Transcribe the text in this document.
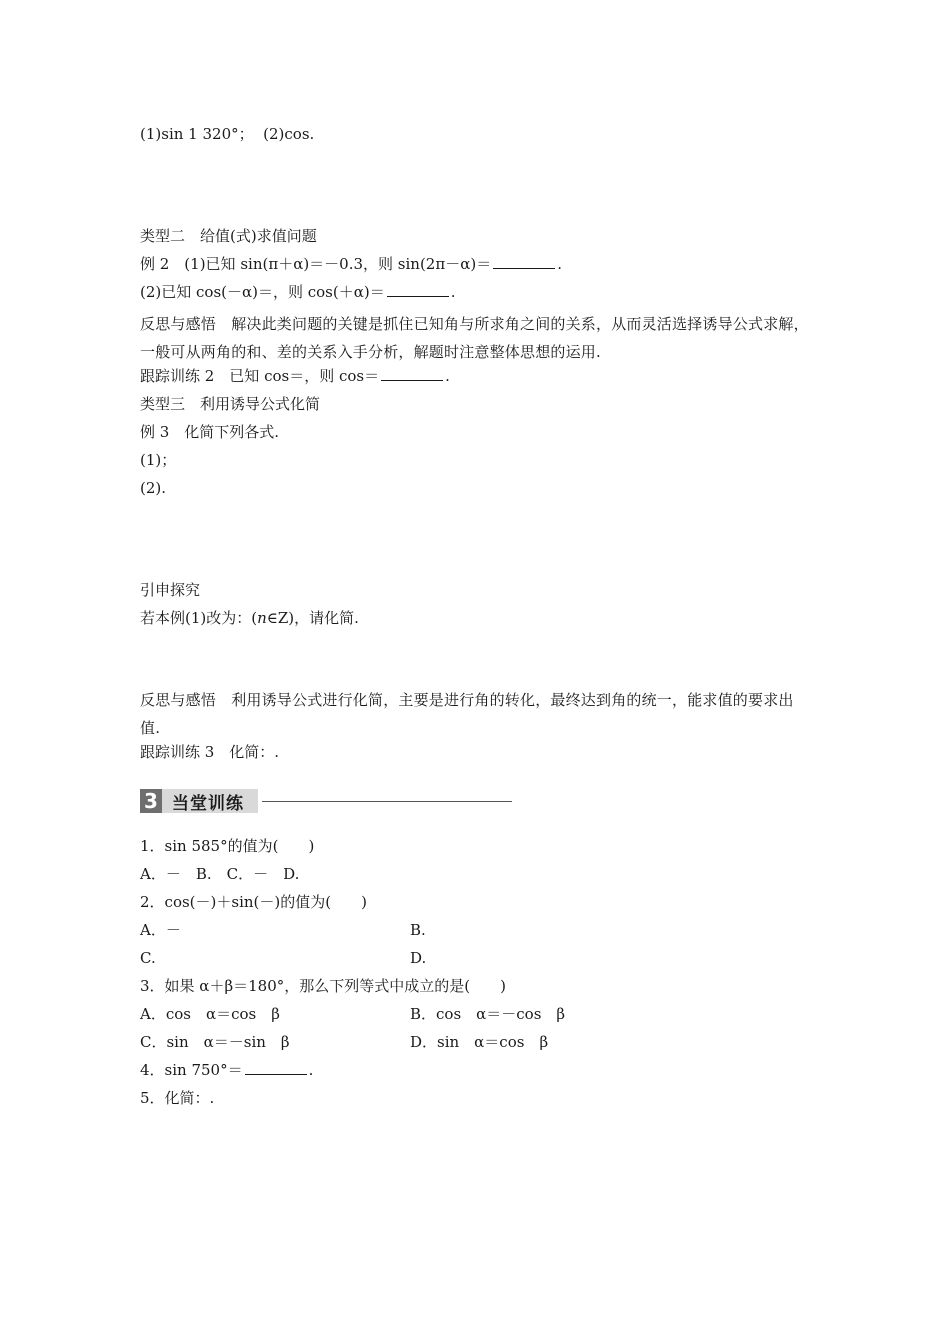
(1)sin 1 320°；  (2)cos.
类型二　给值(式)求值问题
例 2　(1)已知 sin(π＋α)＝－0.3，则 sin(2π－α)＝	.
(2)已知 cos(－α)＝，则 cos(＋α)＝	.
反思与感悟　解决此类问题的关键是抓住已知角与所求角之间的关系，从而灵活选择诱导公式求解，一般可从两角的和、差的关系入手分析，解题时注意整体思想的运用.
跟踪训练 2　已知 cos＝，则 cos＝	.
类型三　利用诱导公式化简
例 3　化简下列各式.
(1)；
(2).
引申探究
若本例(1)改为：(n∈Z)，请化简.
反思与感悟　利用诱导公式进行化简，主要是进行角的转化，最终达到角的统一，能求值的要求出值.
跟踪训练 3　化简：.
3 当堂训练
1．sin 585°的值为(　　)
A．－　B.　C．－　D.
2．cos(－)＋sin(－)的值为(　　)
A．－	B.
C.	D.
3．如果 α＋β＝180°，那么下列等式中成立的是(　　)
A．cos　α＝cos　β	B．cos　α＝－cos　β
C．sin　α＝－sin　β	D．sin　α＝cos　β
4．sin 750°＝	.
5．化简：.
